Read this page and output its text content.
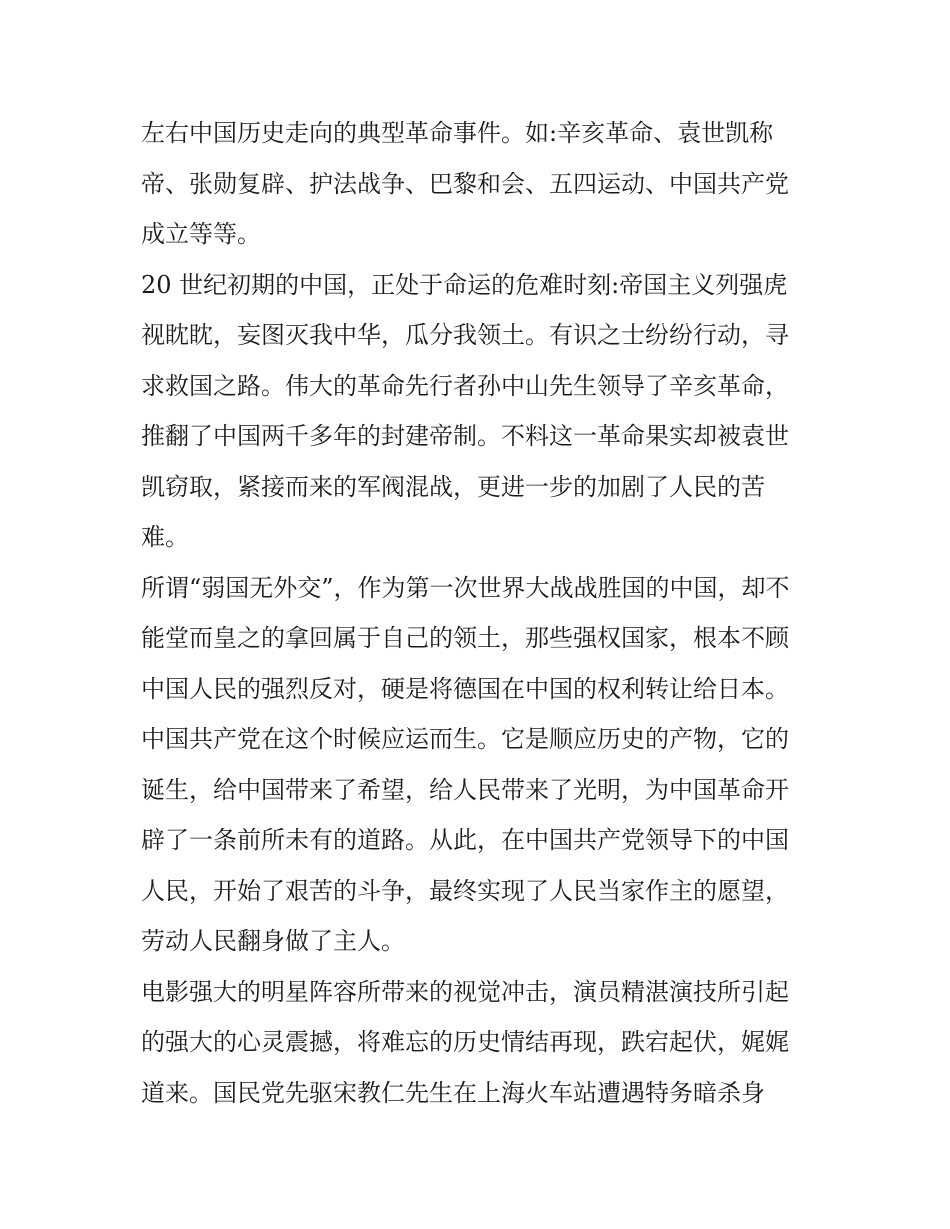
左右中国历史走向的典型革命事件。如:辛亥革命、袁世凯称
帝、张勋复辟、护法战争、巴黎和会、五四运动、中国共产党
成立等等。
20 世纪初期的中国，正处于命运的危难时刻:帝国主义列强虎
视眈眈，妄图灭我中华，瓜分我领土。有识之士纷纷行动，寻
求救国之路。伟大的革命先行者孙中山先生领导了辛亥革命，
推翻了中国两千多年的封建帝制。不料这一革命果实却被袁世
凯窃取，紧接而来的军阀混战，更进一步的加剧了人民的苦
难。
所谓“弱国无外交”，作为第一次世界大战战胜国的中国，却不
能堂而皇之的拿回属于自己的领土，那些强权国家，根本不顾
中国人民的强烈反对，硬是将德国在中国的权利转让给日本。
中国共产党在这个时候应运而生。它是顺应历史的产物，它的
诞生，给中国带来了希望，给人民带来了光明，为中国革命开
辟了一条前所未有的道路。从此，在中国共产党领导下的中国
人民，开始了艰苦的斗争，最终实现了人民当家作主的愿望，
劳动人民翻身做了主人。
电影强大的明星阵容所带来的视觉冲击，演员精湛演技所引起
的强大的心灵震撼，将难忘的历史情结再现，跌宕起伏，娓娓
道来。国民党先驱宋教仁先生在上海火车站遭遇特务暗杀身
